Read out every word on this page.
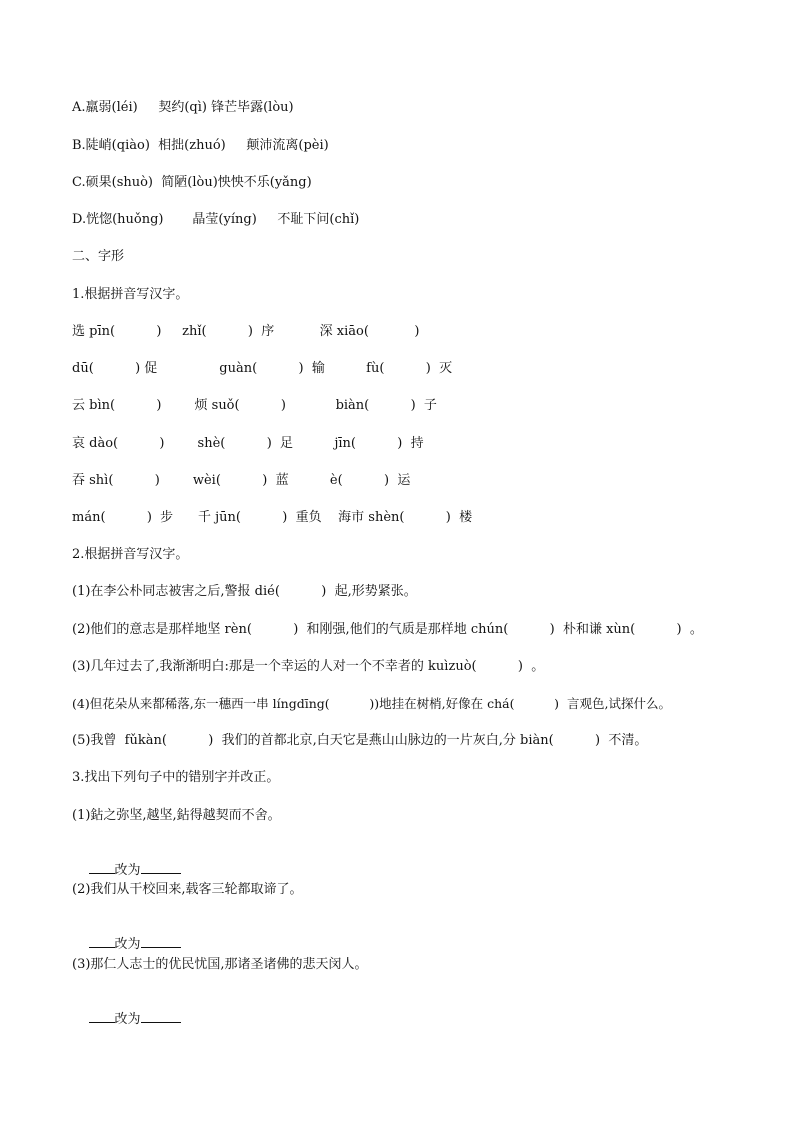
A.羸弱(léi)     契约(qì) 锋芒毕露(lòu)
B.陡峭(qiào)  相拙(zhuó)     颠沛流离(pèi)
C.硕果(shuò)  简陋(lòu)怏怏不乐(yǎng)
D.恍惚(huǒng)       晶莹(yíng)     不耻下问(chǐ)
二、字形
1.根据拼音写汉字。
选 pīn(          )     zhǐ(          )  序           深 xiāo(           )
dū(          ) 促               guàn(          )  输          fù(          )  灭
云 bìn(          )        烦 suǒ(          )            biàn(          )  子
哀 dào(          )        shè(          )  足          jīn(          )  持
吞 shì(          )        wèi(          )  蓝          è(          )  运
mán(          )  步      千 jūn(          )  重负    海市 shèn(          )  楼
2.根据拼音写汉字。
(1)在李公朴同志被害之后,警报 dié(          )  起,形势紧张。
(2)他们的意志是那样地坚 rèn(          )  和刚强,他们的气质是那样地 chún(          )  朴和谦 xùn(          )  。
(3)几年过去了,我渐渐明白:那是一个幸运的人对一个不幸者的 kuìzuò(          )  。
(4)但花朵从来都稀落,东一穗西一串 língdīng(          ))地挂在树梢,好像在 chá(          )  言观色,试探什么。
(5)我曾  fǔkàn(          )  我们的首都北京,白天它是燕山山脉边的一片灰白,分 biàn(          )  不清。
3.找出下列句子中的错别字并改正。
(1)鉆之弥坚,越坚,鉆得越契而不舍。

改为

(2)我们从干校回来,载客三轮都取谛了。

改为

(3)那仁人志士的优民忧国,那诸圣诸佛的悲天闵人。

改为
